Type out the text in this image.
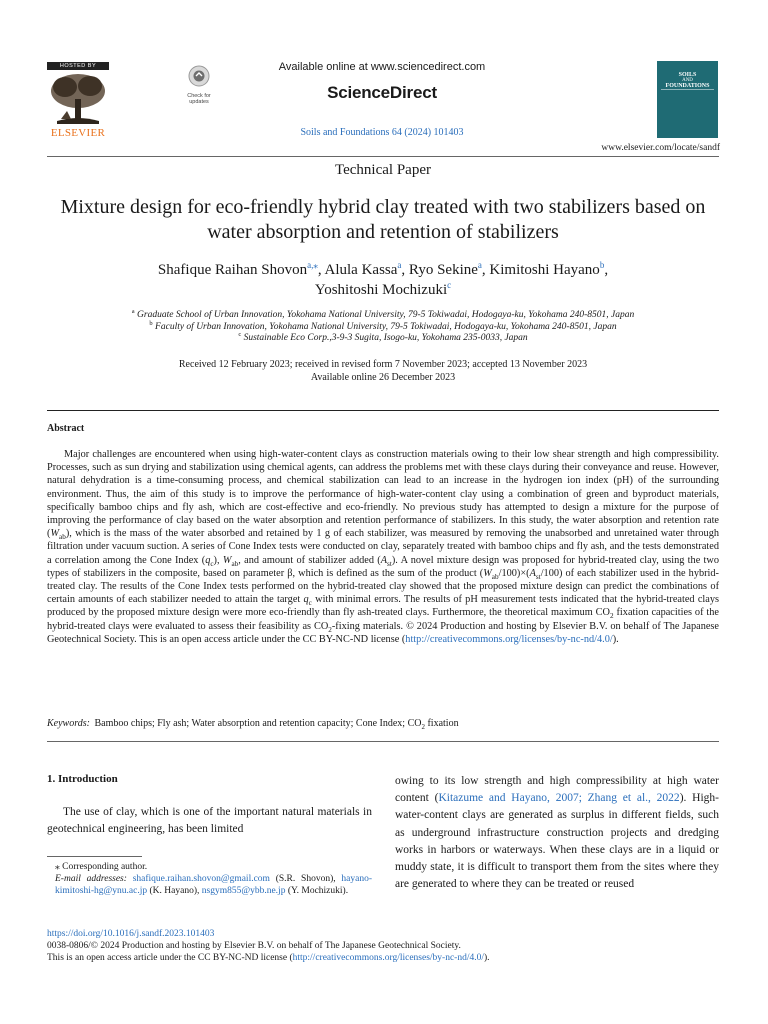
HOSTED BY
ELSEVIER
Check for updates
Available online at www.sciencedirect.com
ScienceDirect
Soils and Foundations 64 (2024) 101403
SOILS
AND
FOUNDATIONS
www.elsevier.com/locate/sandf
Technical Paper
Mixture design for eco-friendly hybrid clay treated with two stabilizers based on water absorption and retention of stabilizers
Shafique Raihan Shovon$^{a,⁎}$, Alula Kassa$^a$, Ryo Sekine$^a$, Kimitoshi Hayano$^b$,
Yoshitoshi Mochizuki$^c$
$^a$ Graduate School of Urban Innovation, Yokohama National University, 79-5 Tokiwadai, Hodogaya-ku, Yokohama 240-8501, Japan
$^b$ Faculty of Urban Innovation, Yokohama National University, 79-5 Tokiwadai, Hodogaya-ku, Yokohama 240-8501, Japan
$^c$ Sustainable Eco Corp.,3-9-3 Sugita, Isogo-ku, Yokohama 235-0033, Japan
Received 12 February 2023; received in revised form 7 November 2023; accepted 13 November 2023
Available online 26 December 2023
Abstract
Major challenges are encountered when using high-water-content clays as construction materials owing to their low shear strength and high compressibility. Processes, such as sun drying and stabilization using chemical agents, can address the problems met with these clays during their conveyance and reuse. However, natural dehydration is a time-consuming process, and chemical stabilization can lead to an increase in the hydrogen ion index (pH) of the surrounding environment. Thus, the aim of this study is to improve the performance of high-water-content clay using a combination of green and byproduct materials, specifically bamboo chips and fly ash, which are cost-effective and eco-friendly. No previous study has attempted to design a mixture for the purpose of improving the performance of clay based on the water absorption and retention performance of stabilizers. In this study, the water absorption and retention rate $(W_{ab})$, which is the mass of the water absorbed and retained by 1 g of each stabilizer, was measured by removing the unabsorbed and unretained water through filtration under vacuum suction. A series of Cone Index tests were conducted on clay, separately treated with bamboo chips and fly ash, and the tests demonstrated a correlation among the Cone Index $(q_c)$, $W_{ab}$, and amount of stabilizer added $(A_{st})$. A novel mixture design was proposed for hybrid-treated clay, using the two types of stabilizers in the composite, based on parameter β, which is defined as the sum of the product $(W_{ab}/100)\times(A_{st}/100)$ of each stabilizer used in the hybrid-treated clay. The results of the Cone Index tests performed on the hybrid-treated clay showed that the proposed mixture design can predict the combinations of certain amounts of each stabilizer needed to attain the target $q_c$ with minimal errors. The results of pH measurement tests indicated that the hybrid-treated clays produced by the proposed mixture design were more eco-friendly than fly ash-treated clays. Furthermore, the theoretical maximum $CO_2$ fixation capacities of the hybrid-treated clays were evaluated to assess their feasibility as $CO_2$-fixing materials. © 2024 Production and hosting by Elsevier B.V. on behalf of The Japanese Geotechnical Society. This is an open access article under the CC BY-NC-ND license (http://creativecommons.org/licenses/by-nc-nd/4.0/).
Keywords: Bamboo chips; Fly ash; Water absorption and retention capacity; Cone Index; $CO_2$ fixation
1. Introduction
The use of clay, which is one of the important natural materials in geotechnical engineering, has been limited
owing to its low strength and high compressibility at high water content (Kitazume and Hayano, 2007; Zhang et al., 2022). High-water-content clays are generated as surplus in different fields, such as underground infrastructure construction projects and dredging works in harbors or waterways. When these clays are in a liquid or muddy state, it is difficult to transport them from the sites where they are generated to where they can be treated or reused
⁎ Corresponding author.
E-mail addresses: shafique.raihan.shovon@gmail.com (S.R. Shovon), hayano-kimitoshi-hg@ynu.ac.jp (K. Hayano), nsgym855@ybb.ne.jp (Y. Mochizuki).
https://doi.org/10.1016/j.sandf.2023.101403
0038-0806/© 2024 Production and hosting by Elsevier B.V. on behalf of The Japanese Geotechnical Society.
This is an open access article under the CC BY-NC-ND license (http://creativecommons.org/licenses/by-nc-nd/4.0/).
